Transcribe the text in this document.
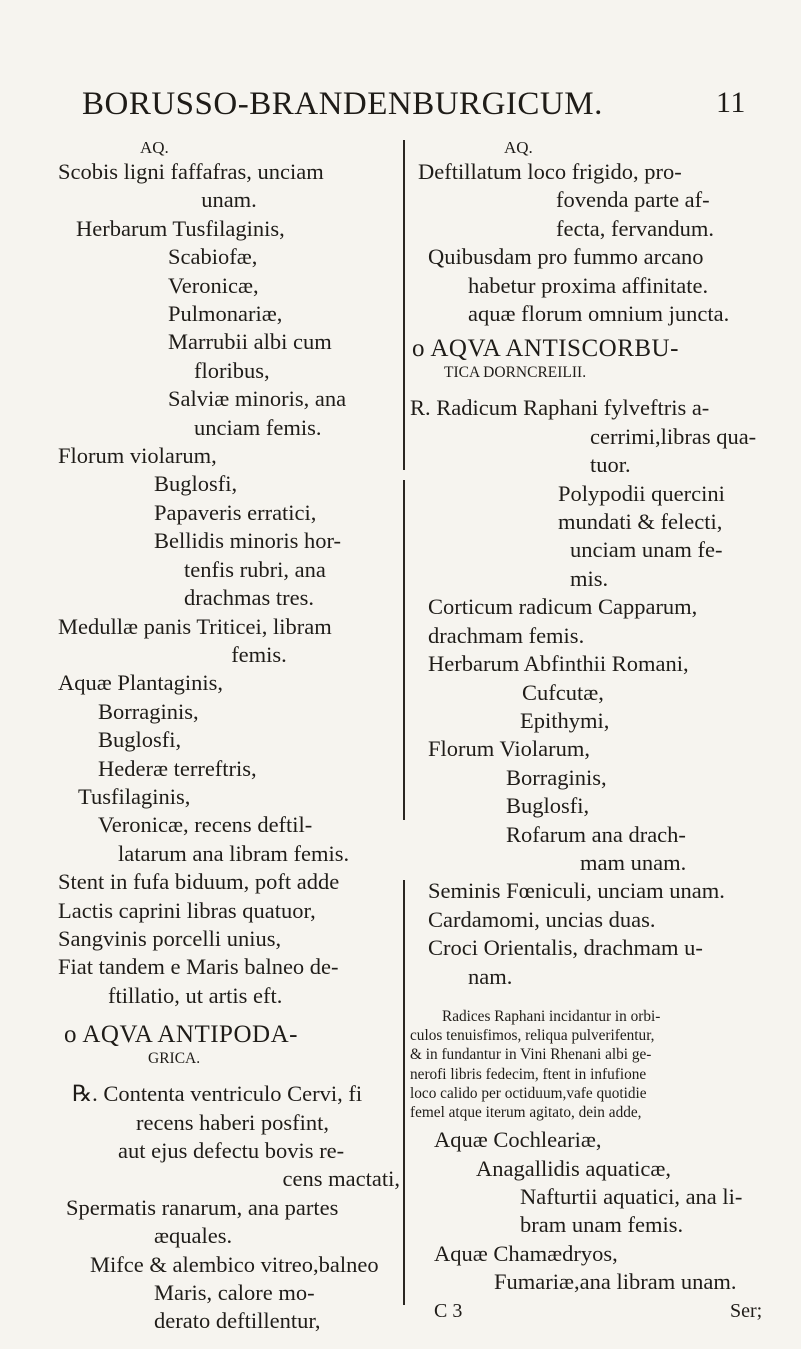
BORUSSO-BRANDENBURGICUM.	11
AQ.
Scobis ligni faffafras, unciam
unam.
Herbarum Tusfilaginis,
Scabiofæ,
Veronicæ,
Pulmonariæ,
Marrubii albi cum
floribus,
Salviæ minoris, ana
unciam femis.
Florum violarum,
Buglosfi,
Papaveris erratici,
Bellidis minoris hor-
tenfis rubri, ana
drachmas tres.
Medullæ panis Triticei, libram
femis.
Aquæ Plantaginis,
Borraginis,
Buglosfi,
Hederæ terreftris,
Tusfilaginis,
Veronicæ, recens deftil-
latarum ana libram femis.
Stent in fufa biduum, poft adde
Lactis caprini libras quatuor,
Sangvinis porcelli unius,
Fiat tandem e Maris balneo de-
ftillatio, ut artis eft.
o AQVA ANTIPODA-
GRICA.
℞. Contenta ventriculo Cervi, fi
recens haberi posfint,
aut ejus defectu bovis re-
cens mactati,
Spermatis ranarum, ana partes
æquales.
Mifce & alembico vitreo,balneo
Maris, calore mo-
derato deftillentur,
AQ.
Deftillatum loco frigido, pro-
fovenda parte af-
fecta, fervandum.
Quibusdam pro fummo arcano
habetur proxima affinitate.
aquæ florum omnium juncta.
o AQVA ANTISCORBU-
TICA DORNCREILII.
R. Radicum Raphani fylveftris a-
cerrimi,libras qua-
tuor.
Polypodii quercini
mundati & felecti,
unciam unam fe-
mis.
Corticum radicum Capparum,
drachmam femis.
Herbarum Abfinthii Romani,
Cufcutæ,
Epithymi,
Florum Violarum,
Borraginis,
Buglosfi,
Rofarum ana drach-
mam unam.
Seminis Fœniculi, unciam unam.
Cardamomi, uncias duas.
Croci Orientalis, drachmam u-
nam.
Radices Raphani incidantur in orbi-
culos tenuisfimos, reliqua pulverifentur,
& in fundantur in Vini Rhenani albi ge-
nerofi libris fedecim, ftent in infufione
loco calido per octiduum,vafe quotidie
femel atque iterum agitato, dein adde,
Aquæ Cochleariæ,
Anagallidis aquaticæ,
Nafturtii aquatici, ana li-
bram unam femis.
Aquæ Chamædryos,
Fumariæ,ana libram unam.
C 3	Ser;
